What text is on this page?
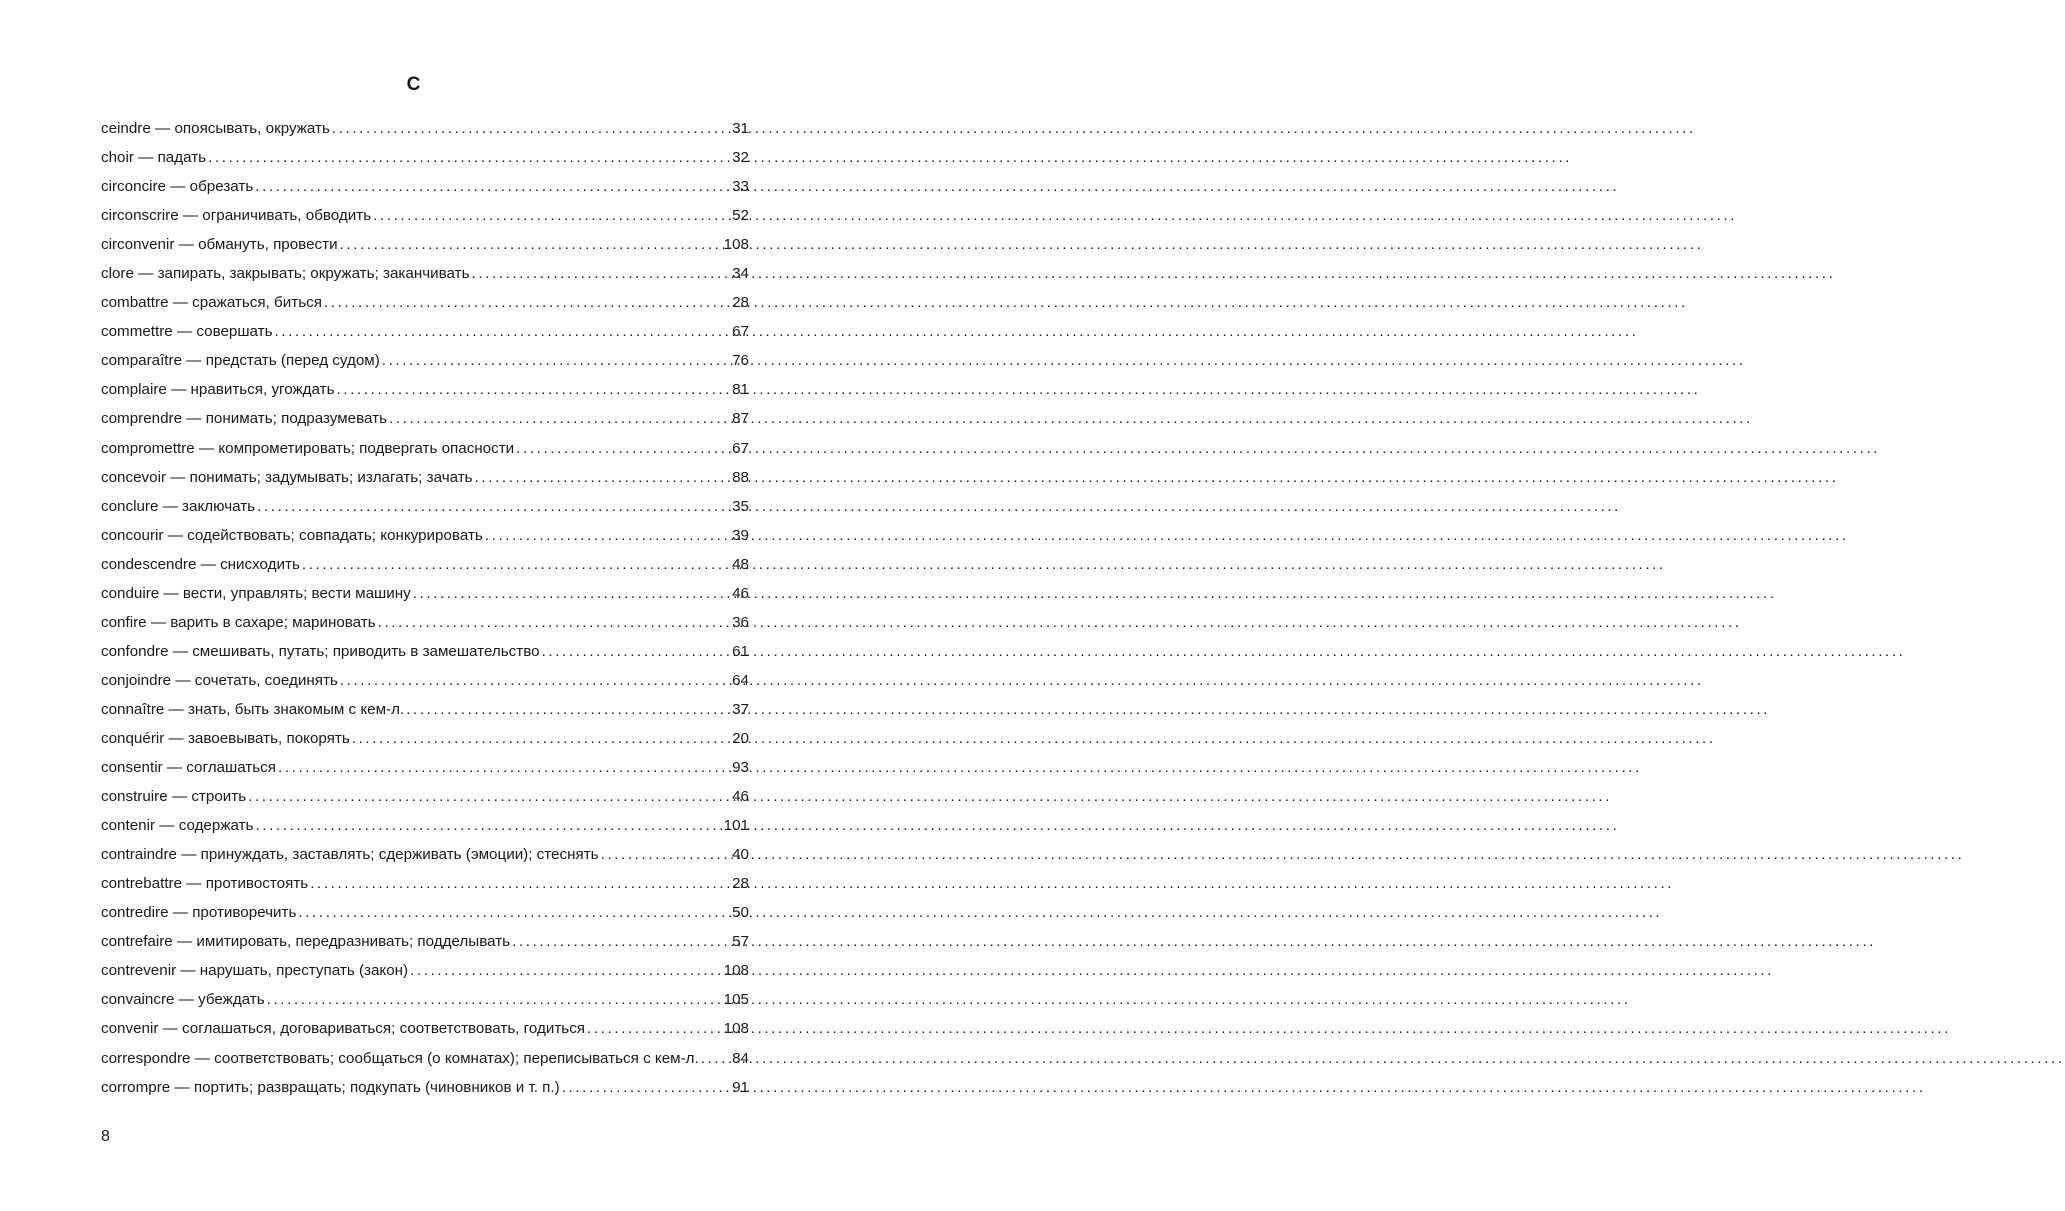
C
ceindre — опоясывать, окружать .....	31
choir — падать .....	32
circoncire — обрезать .....	33
circonscrire — ограничивать, обводить .....	52
circonvenir — обмануть, провести .....	108
clore — запирать, закрывать; окружать; заканчивать .....	34
combattre — сражаться, биться .....	28
commettre — совершать .....	67
comparaître — предстать (перед судом) .....	76
complaire — нравиться, угождать .....	81
comprendre — понимать; подразумевать .....	87
compromettre — компрометировать; подвергать опасности .....	67
concevoir — понимать; задумывать; излагать; зачать .....	88
conclure — заключать .....	35
concourir — содействовать; совпадать; конкурировать .....	39
condescendre — снисходить .....	48
conduire — вести, управлять; вести машину .....	46
confire — варить в сахаре; мариновать .....	36
confondre — смешивать, путать; приводить в замешательство .....	61
conjoindre — сочетать, соединять .....	64
connaître — знать, быть знакомым с кем-л. .....	37
conquérir — завоевывать, покорять .....	20
consentir — соглашаться .....	93
construire — строить .....	46
contenir — содержать .....	101
contraindre — принуждать, заставлять; сдерживать (эмоции); стеснять .....	40
contrebattre — противостоять .....	28
contredire — противоречить .....	50
contrefaire — имитировать, передразнивать; подделывать .....	57
contrevenir — нарушать, преступать (закон) .....	108
convaincre — убеждать .....	105
convenir — соглашаться, договариваться; соответствовать, годиться .....	108
correspondre — соответствовать; сообщаться (о комнатах); переписываться с кем-л. ..... 84
corrompre — портить; развращать; подкупать (чиновников и т. п.) .....	91
8
